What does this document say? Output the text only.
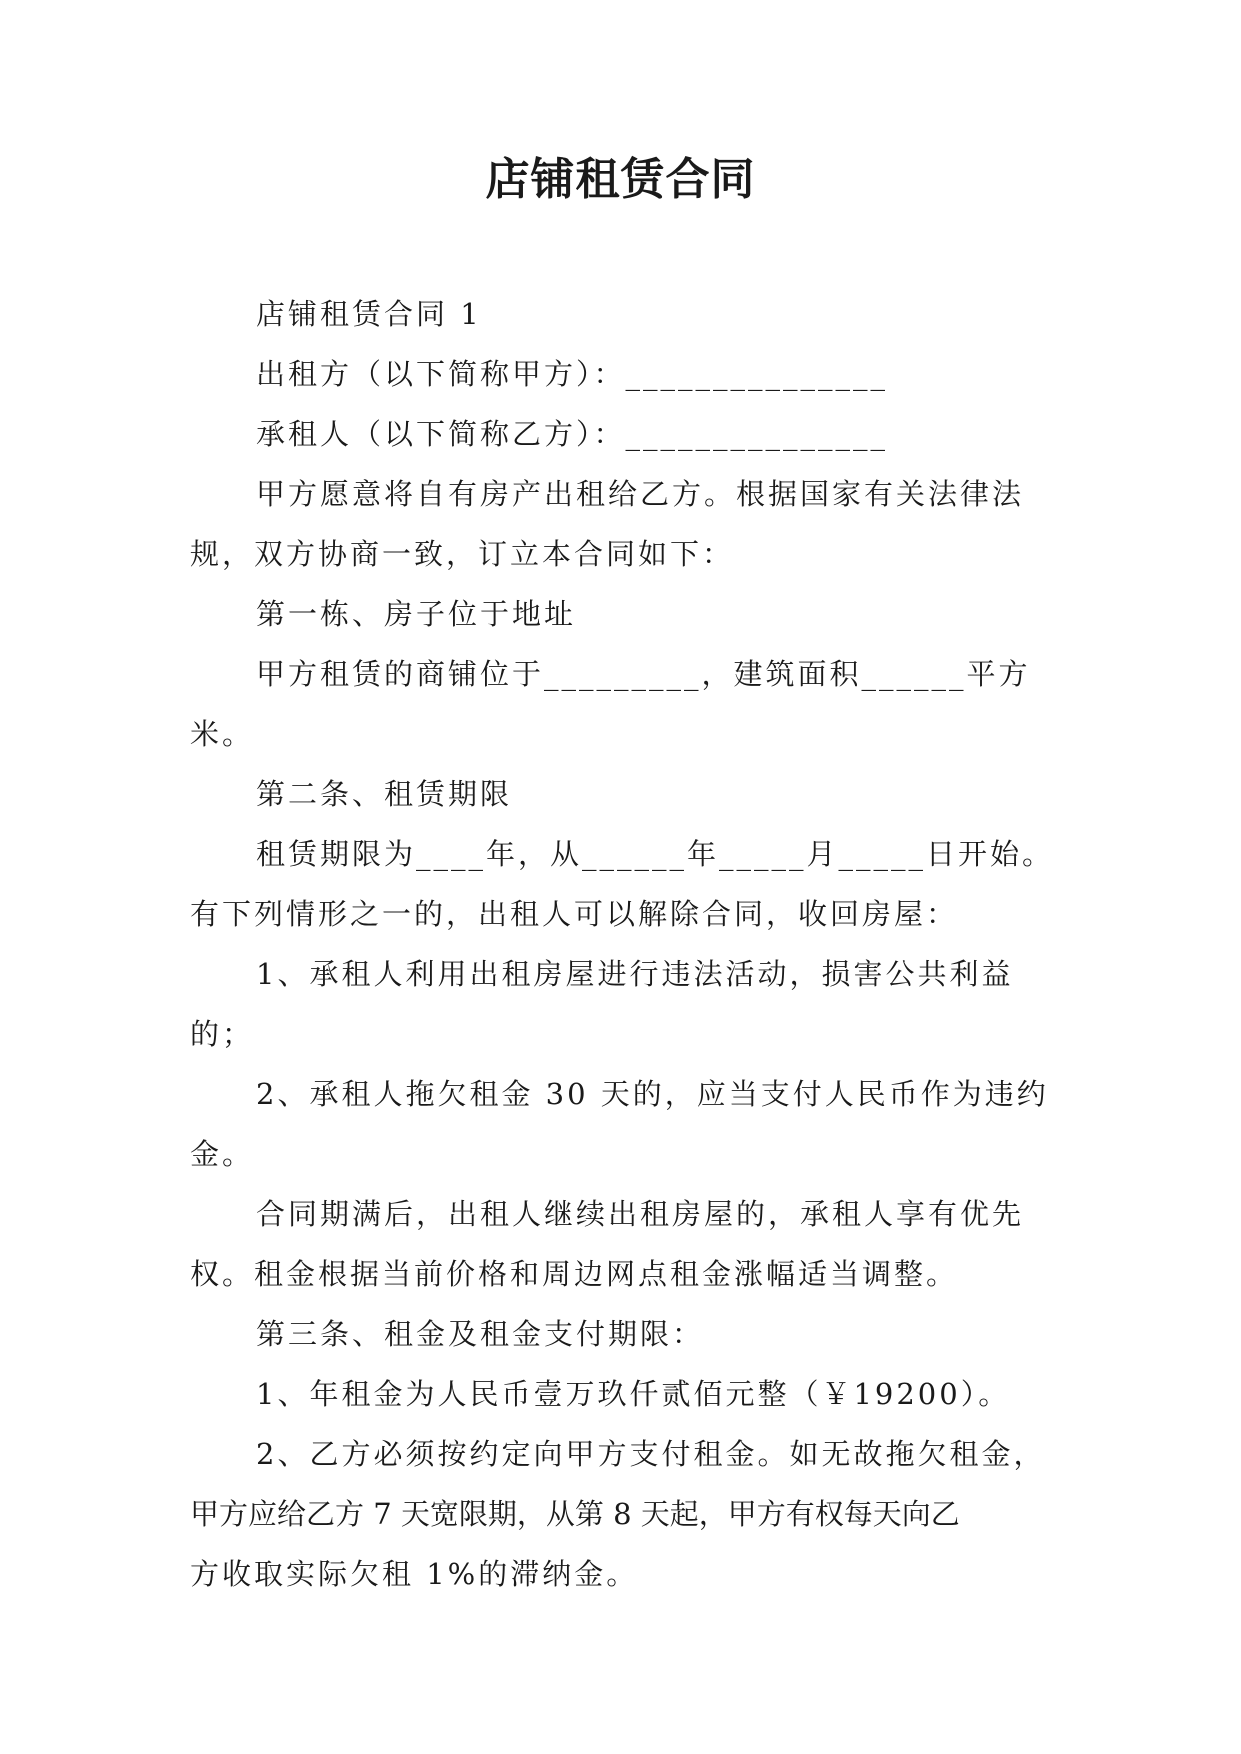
店铺租赁合同
店铺租赁合同 1
出租方（以下简称甲方）：_______________
承租人（以下简称乙方）：_______________
甲方愿意将自有房产出租给乙方。根据国家有关法律法
规，双方协商一致，订立本合同如下：
第一栋、房子位于地址
甲方租赁的商铺位于_________，建筑面积______平方
米。
第二条、租赁期限
租赁期限为____年，从______年_____月_____日开始。
有下列情形之一的，出租人可以解除合同，收回房屋：
1、承租人利用出租房屋进行违法活动，损害公共利益
的；
2、承租人拖欠租金 30 天的，应当支付人民币作为违约
金。
合同期满后，出租人继续出租房屋的，承租人享有优先
权。租金根据当前价格和周边网点租金涨幅适当调整。
第三条、租金及租金支付期限：
1、年租金为人民币壹万玖仟贰佰元整（￥19200）。
2、乙方必须按约定向甲方支付租金。如无故拖欠租金，
甲方应给乙方 7 天宽限期，从第 8 天起，甲方有权每天向乙
方收取实际欠租 1%的滞纳金。
